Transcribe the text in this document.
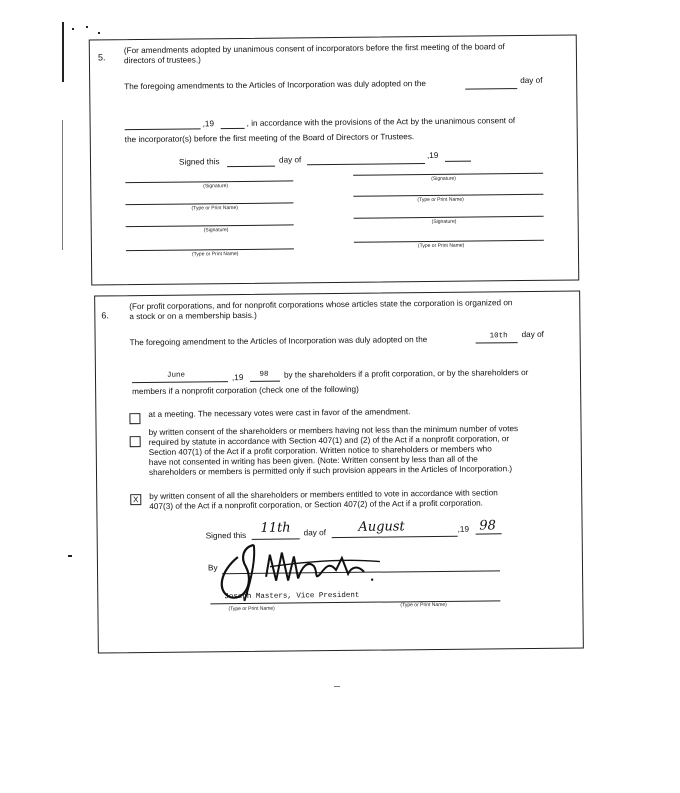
5.
(For amendments adopted by unanimous consent of incorporators before the first meeting of the board of
directors of trustees.)
The foregoing amendments to the Articles of Incorporation was duly adopted on the	day of
,19	, in accordance with the provisions of the Act by the unanimous consent of
the incorporator(s) before the first meeting of the Board of Directors or Trustees.
Signed this	day of	,19
(Signature)
(Signature)
(Type or Print Name)
(Type or Print Name)
(Signature)
(Signature)
(Type or Print Name)
(Type or Print Name)
6.
(For profit corporations, and for nonprofit corporations whose articles state the corporation is organized on
a stock or on a membership basis.)
The foregoing amendment to the Articles of Incorporation was duly adopted on the	10th	day of
June	,19	98	by the shareholders if a profit corporation, or by the shareholders or
members if a nonprofit corporation (check one of the following)
at a meeting. The necessary votes were cast in favor of the amendment.
by written consent of the shareholders or members having not less than the minimum number of votes
required by statute in accordance with Section 407(1) and (2) of the Act if a nonprofit corporation, or
Section 407(1) of the Act if a profit corporation. Written notice to shareholders or members who
have not consented in writing has been given. (Note: Written consent by less than all of the
shareholders or members is permitted only if such provision appears in the Articles of Incorporation.)
X	by written consent of all the shareholders or members entitled to vote in accordance with section
407(3) of the Act if a nonprofit corporation, or Section 407(2) of the Act if a profit corporation.
Signed this	11th	day of	August	,19 98
By
Joseph Masters, Vice President
(Type or Print Name)
(Type or Print Name)
